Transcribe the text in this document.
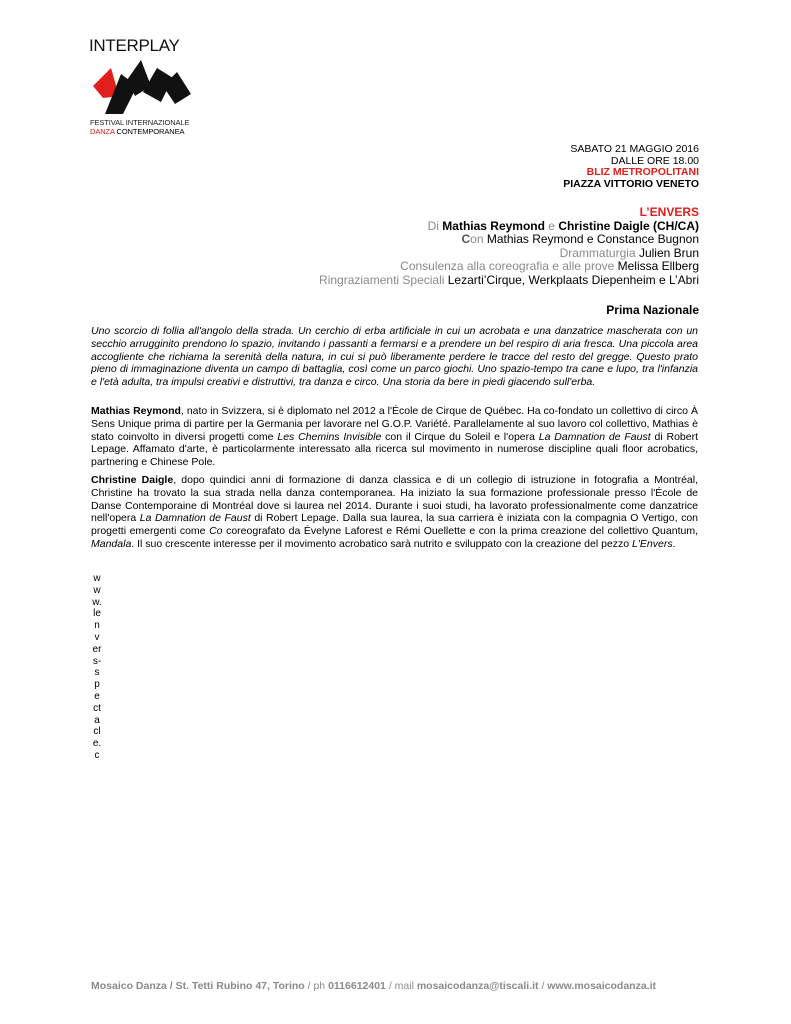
INTERPLAY
FESTIVAL INTERNAZIONALE
DANZA CONTEMPORANEA
SABATO 21 MAGGIO 2016
DALLE ORE 18.00
BLIZ METROPOLITANI
PIAZZA VITTORIO VENETO
L’ENVERS
Di Mathias Reymond e Christine Daigle (CH/CA)
Con Mathias Reymond e Constance Bugnon
Drammaturgia Julien Brun
Consulenza alla coreografia e alle prove Melissa Ellberg
Ringraziamenti Speciali Lezarti’Cirque, Werkplaats Diepenheim e L’Abri
Prima Nazionale

Uno scorcio di follia all'angolo della strada. Un cerchio di erba artificiale in cui un acrobata e una danzatrice mascherata con un secchio arrugginito prendono lo spazio, invitando i passanti a fermarsi e a prendere un bel respiro di aria fresca. Una piccola area accogliente che richiama la serenità della natura, in cui si può liberamente perdere le tracce del resto del gregge. Questo prato pieno di immaginazione diventa un campo di battaglia, così come un parco giochi. Uno spazio-tempo tra cane e lupo, tra l'infanzia e l'età adulta, tra impulsi creativi e distruttivi, tra danza e circo. Una storia da bere in piedi giacendo sull'erba.

Mathias Reymond, nato in Svizzera, si è diplomato nel 2012 a l'École de Cirque de Québec. Ha co-fondato un collettivo di circo À Sens Unique prima di partire per la Germania per lavorare nel G.O.P. Variété. Parallelamente al suo lavoro col collettivo, Mathias è stato coinvolto in diversi progetti come Les Chemins Invisible con il Cirque du Soleil e l'opera La Damnation de Faust di Robert Lepage. Affamato d'arte, è particolarmente interessato alla ricerca sul movimento in numerose discipline quali floor acrobatics, partnering e Chinese Pole.

Christine Daigle, dopo quindici anni di formazione di danza classica e di un collegio di istruzione in fotografia a Montréal, Christine ha trovato la sua strada nella danza contemporanea. Ha iniziato la sua formazione professionale presso l'École de Danse Contemporaine di Montréal dove si laurea nel 2014. Durante i suoi studi, ha lavorato professionalmente come danzatrice nell'opera La Damnation de Faust di Robert Lepage. Dalla sua laurea, la sua carriera è iniziata con la compagnia O Vertigo, con progetti emergenti come Co coreografato da Évelyne Laforest e Rémi Ouellette e con la prima creazione del collettivo Quantum, Mandala. Il suo crescente interesse per il movimento acrobatico sarà nutrito e sviluppato con la creazione del pezzo L'Envers.

www.lenvers-spectacle.c
Mosaico Danza / St. Tetti Rubino 47, Torino / ph 0116612401 / mail mosaicodanza@tiscali.it / www.mosaicodanza.it
